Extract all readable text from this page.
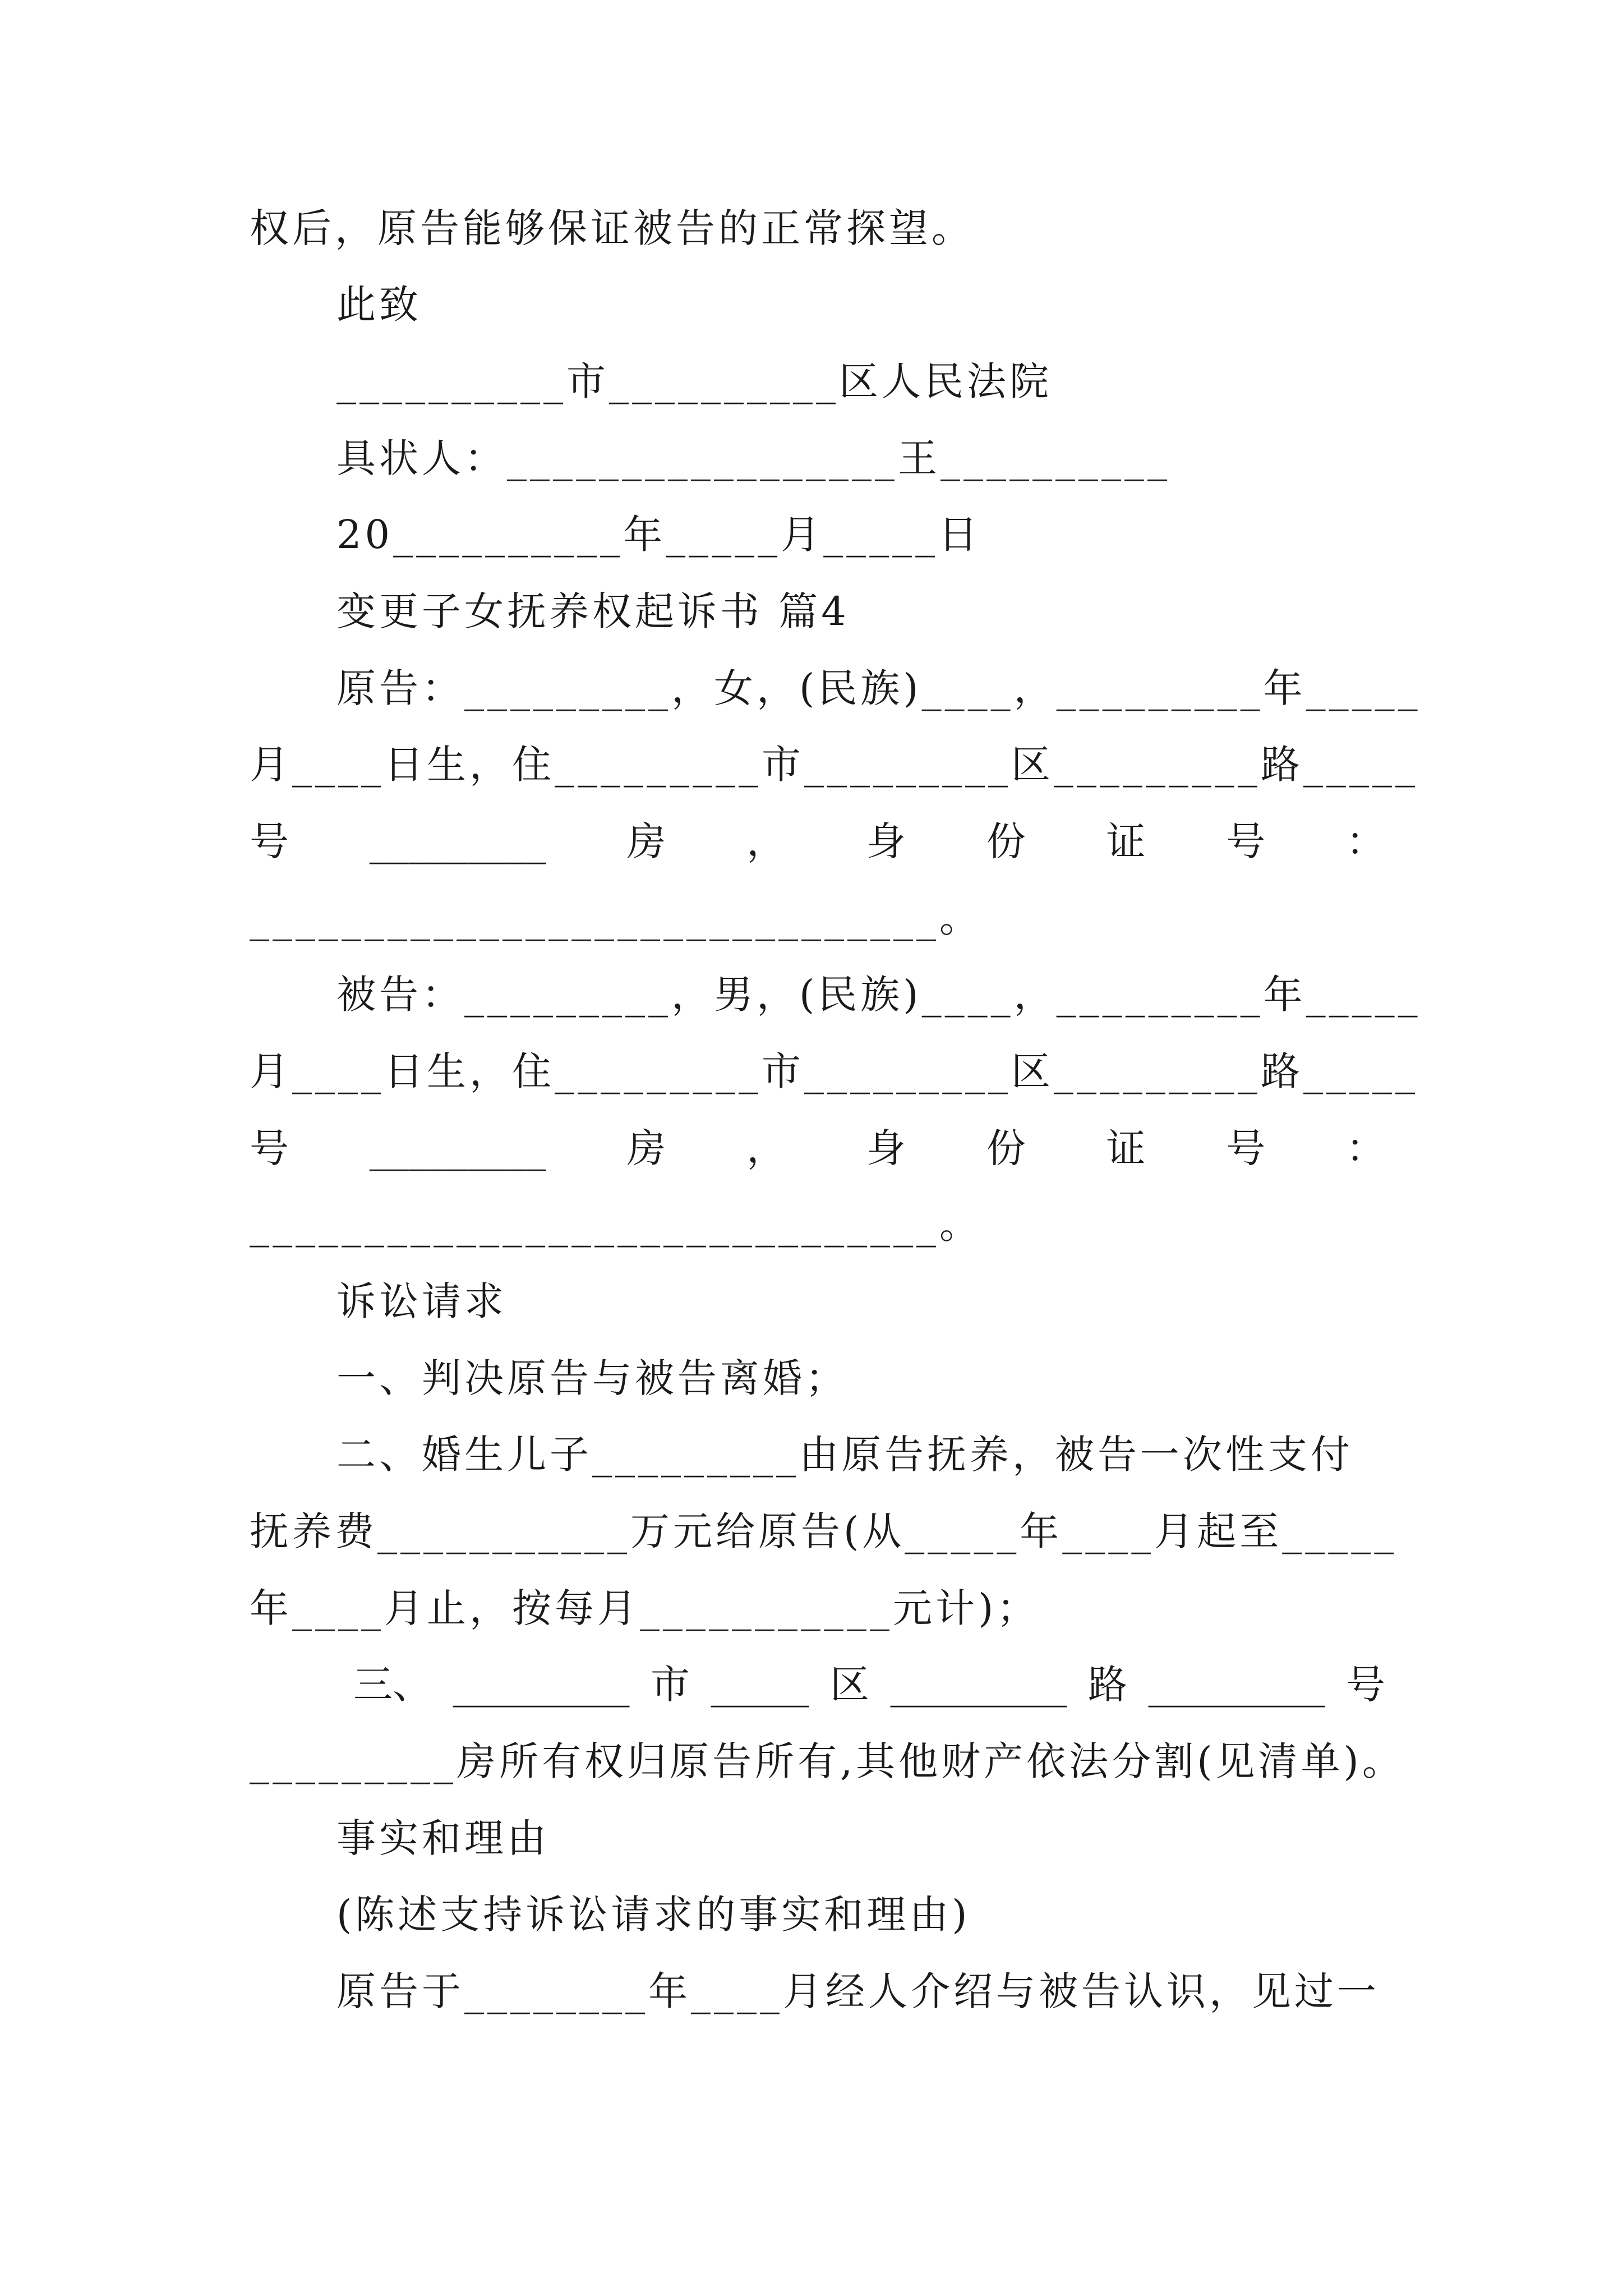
权后，原告能够保证被告的正常探望。
此致
__________市__________区人民法院
具状人：_________________王__________
20__________年_____月_____日
变更子女抚养权起诉书 篇4
原告：_________，女，(民族)____，_________年_____
月____日生，住_________市_________区_________路_____
号 _________ 房 ， 身 份 证 号 ：
______________________________。
被告：_________，男，(民族)____，_________年_____
月____日生，住_________市_________区_________路_____
号 _________ 房 ， 身 份 证 号 ：
______________________________。
诉讼请求
一、判决原告与被告离婚；
二、婚生儿子_________由原告抚养，被告一次性支付
抚养费___________万元给原告(从_____年____月起至_____
年____月止，按每月___________元计)；
三、 _________ 市 _____ 区 _________ 路 _________ 号
_________房所有权归原告所有,其他财产依法分割(见清单)。
事实和理由
(陈述支持诉讼请求的事实和理由)
原告于________年____月经人介绍与被告认识，见过一
